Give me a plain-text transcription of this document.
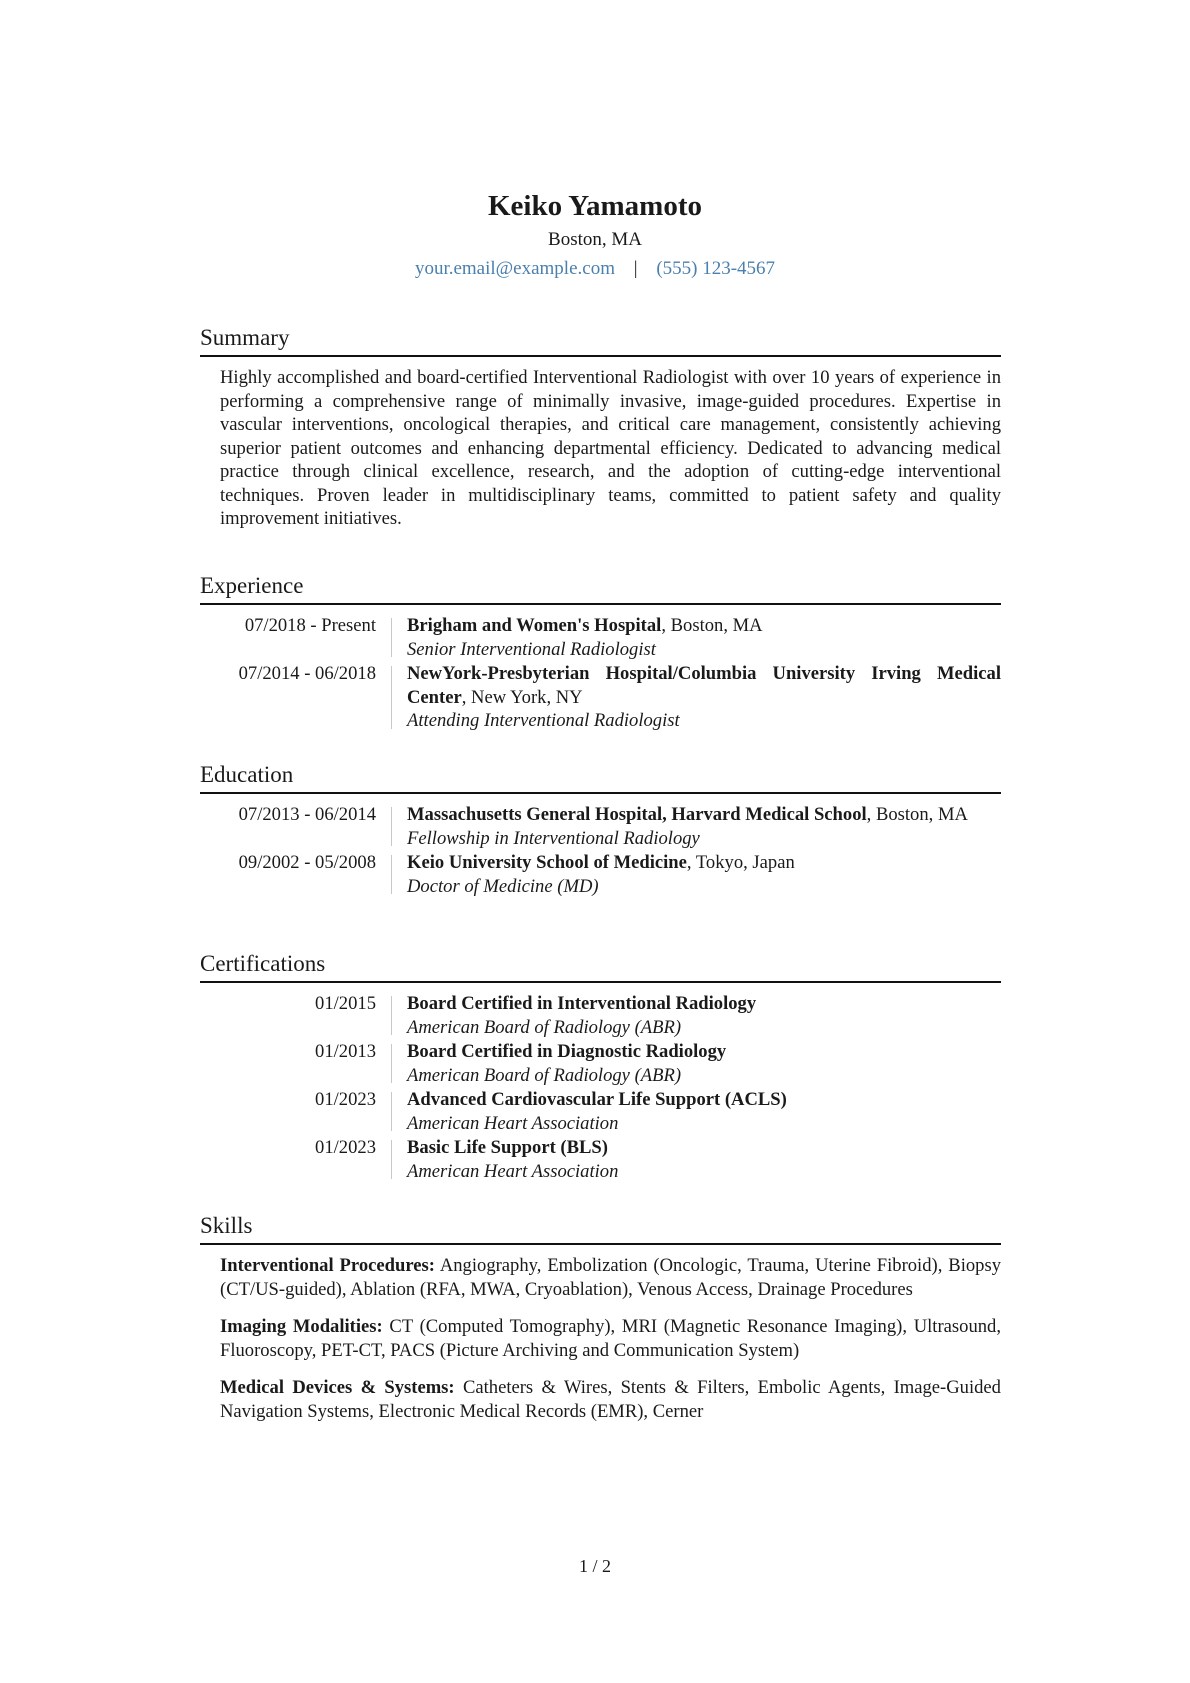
Keiko Yamamoto
Boston, MA
your.email@example.com | (555) 123-4567
Summary

Highly accomplished and board-certified Interventional Radiologist with over 10 years of experience in performing a comprehensive range of minimally invasive, image-guided procedures. Expertise in vascular interventions, oncological therapies, and critical care management, consistently achieving superior patient outcomes and enhancing departmental efficiency. Dedicated to advancing medical practice through clinical excellence, research, and the adoption of cutting-edge interventional techniques. Proven leader in multidisciplinary teams, committed to patient safety and quality improvement initiatives.

Experience
07/2018 - Present	Brigham and Women's Hospital, Boston, MA
Senior Interventional Radiologist
07/2014 - 06/2018	NewYork-Presbyterian Hospital/Columbia University Irving Medical Center, New York, NY
Attending Interventional Radiologist
Education
07/2013 - 06/2014	Massachusetts General Hospital, Harvard Medical School, Boston, MA
Fellowship in Interventional Radiology
09/2002 - 05/2008	Keio University School of Medicine, Tokyo, Japan
Doctor of Medicine (MD)
Certifications
01/2015	Board Certified in Interventional Radiology
American Board of Radiology (ABR)
01/2013	Board Certified in Diagnostic Radiology
American Board of Radiology (ABR)
01/2023	Advanced Cardiovascular Life Support (ACLS)
American Heart Association
01/2023	Basic Life Support (BLS)
American Heart Association
Skills

Interventional Procedures: Angiography, Embolization (Oncologic, Trauma, Uterine Fibroid), Biopsy (CT/US-guided), Ablation (RFA, MWA, Cryoablation), Venous Access, Drainage Procedures

Imaging Modalities: CT (Computed Tomography), MRI (Magnetic Resonance Imaging), Ultrasound, Fluoroscopy, PET-CT, PACS (Picture Archiving and Communication System)

Medical Devices & Systems: Catheters & Wires, Stents & Filters, Embolic Agents, Image-Guided Navigation Systems, Electronic Medical Records (EMR), Cerner

1 / 2
